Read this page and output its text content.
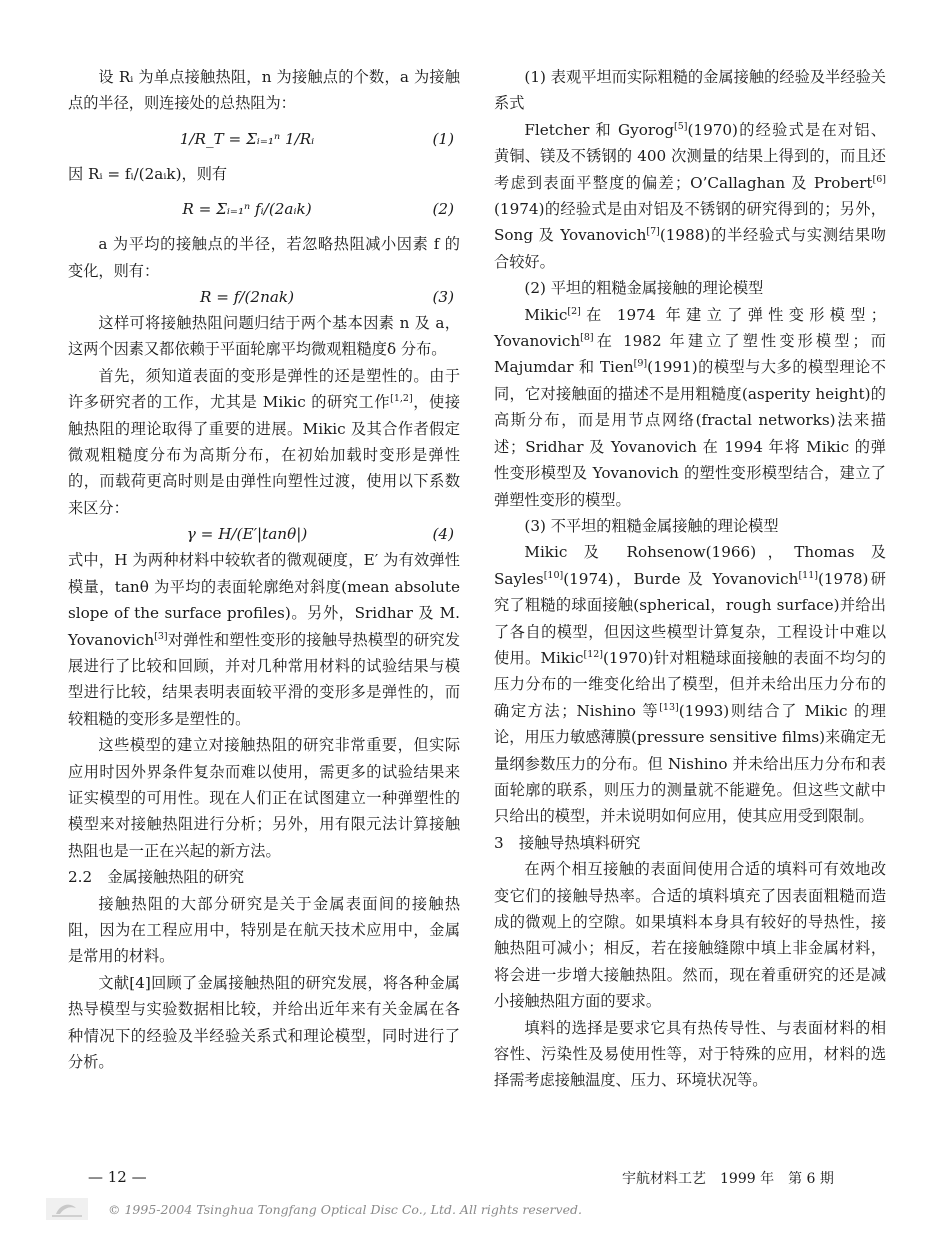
设 Rᵢ 为单点接触热阻，n 为接触点的个数，a 为接触点的半径，则连接处的总热阻为：

1/R_T = Σᵢ₌₁ⁿ 1/Rᵢ	(1)

因 Rᵢ = fᵢ/(2aᵢk)，则有

R = Σᵢ₌₁ⁿ fᵢ/(2aᵢk)	(2)

a 为平均的接触点的半径，若忽略热阻减小因素 f 的变化，则有：

R = f/(2nak)	(3)

这样可将接触热阻问题归结于两个基本因素 n 及 a，这两个因素又都依赖于平面轮廓平均微观粗糙度δ 分布。

首先，须知道表面的变形是弹性的还是塑性的。由于许多研究者的工作，尤其是 Mikic 的研究工作[1,2]，使接触热阻的理论取得了重要的进展。Mikic 及其合作者假定微观粗糙度分布为高斯分布，在初始加载时变形是弹性的，而载荷更高时则是由弹性向塑性过渡，使用以下系数来区分：

γ = H/(E′|tanθ|)	(4)

式中，H 为两种材料中较软者的微观硬度，E′ 为有效弹性模量，tanθ 为平均的表面轮廓绝对斜度(mean absolute slope of the surface profiles)。另外，Sridhar 及 M. Yovanovich[3]对弹性和塑性变形的接触导热模型的研究发展进行了比较和回顾，并对几种常用材料的试验结果与模型进行比较，结果表明表面较平滑的变形多是弹性的，而较粗糙的变形多是塑性的。

这些模型的建立对接触热阻的研究非常重要，但实际应用时因外界条件复杂而难以使用，需更多的试验结果来证实模型的可用性。现在人们正在试图建立一种弹塑性的模型来对接触热阻进行分析；另外，用有限元法计算接触热阻也是一正在兴起的新方法。

2.2　金属接触热阻的研究

接触热阻的大部分研究是关于金属表面间的接触热阻，因为在工程应用中，特别是在航天技术应用中，金属是常用的材料。

文献[4]回顾了金属接触热阻的研究发展，将各种金属热导模型与实验数据相比较，并给出近年来有关金属在各种情况下的经验及半经验关系式和理论模型，同时进行了分析。

(1) 表观平坦而实际粗糙的金属接触的经验及半经验关系式

Fletcher 和 Gyorog[5](1970)的经验式是在对铝、黄铜、镁及不锈钢的 400 次测量的结果上得到的，而且还考虑到表面平整度的偏差；O’Callaghan 及 Probert[6](1974)的经验式是由对铝及不锈钢的研究得到的；另外，Song 及 Yovanovich[7](1988)的半经验式与实测结果吻合较好。

(2) 平坦的粗糙金属接触的理论模型

Mikic[2]在 1974 年建立了弹性变形模型；Yovanovich[8]在 1982 年建立了塑性变形模型；而 Majumdar 和 Tien[9](1991)的模型与大多的模型理论不同，它对接触面的描述不是用粗糙度(asperity height)的高斯分布，而是用节点网络(fractal networks)法来描述；Sridhar 及 Yovanovich 在 1994 年将 Mikic 的弹性变形模型及 Yovanovich 的塑性变形模型结合，建立了弹塑性变形的模型。

(3) 不平坦的粗糙金属接触的理论模型

Mikic 及 Rohsenow(1966)，Thomas 及 Sayles[10](1974)，Burde 及 Yovanovich[11](1978)研究了粗糙的球面接触(spherical，rough surface)并给出了各自的模型，但因这些模型计算复杂，工程设计中难以使用。Mikic[12](1970)针对粗糙球面接触的表面不均匀的压力分布的一维变化给出了模型，但并未给出压力分布的确定方法；Nishino 等[13](1993)则结合了 Mikic 的理论，用压力敏感薄膜(pressure sensitive films)来确定无量纲参数压力的分布。但 Nishino 并未给出压力分布和表面轮廓的联系，则压力的测量就不能避免。但这些文献中只给出的模型，并未说明如何应用，使其应用受到限制。

3　接触导热填料研究

在两个相互接触的表面间使用合适的填料可有效地改变它们的接触导热率。合适的填料填充了因表面粗糙而造成的微观上的空隙。如果填料本身具有较好的导热性，接触热阻可减小；相反，若在接触缝隙中填上非金属材料，将会进一步增大接触热阻。然而，现在着重研究的还是减小接触热阻方面的要求。

填料的选择是要求它具有热传导性、与表面材料的相容性、污染性及易使用性等，对于特殊的应用，材料的选择需考虑接触温度、压力、环境状况等。

— 12 —	宇航材料工艺　1999 年　第 6 期
© 1995-2004 Tsinghua Tongfang Optical Disc Co., Ltd. All rights reserved.
